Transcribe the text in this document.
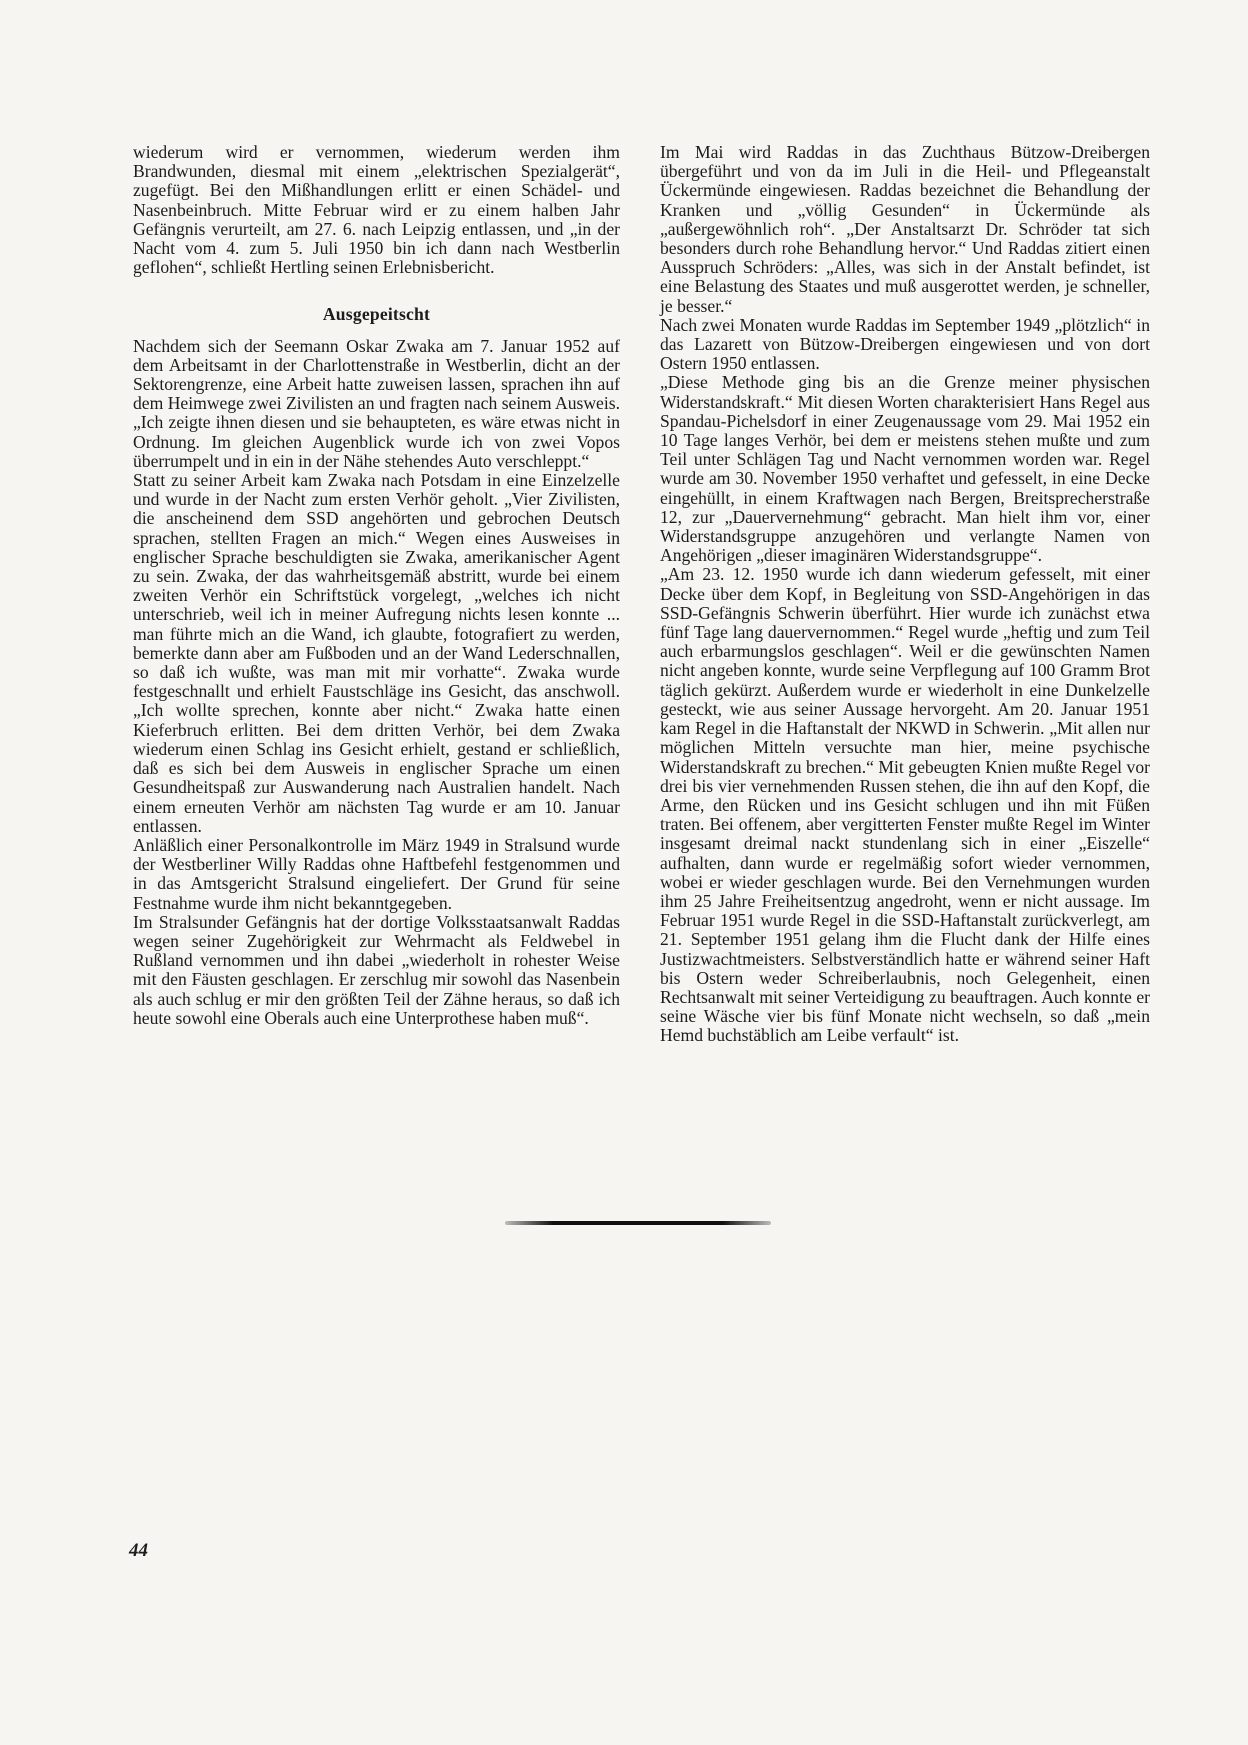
wiederum wird er vernommen, wiederum werden ihm Brandwunden, diesmal mit einem „elektrischen Spezialgerät“, zugefügt. Bei den Mißhandlungen erlitt er einen Schädel- und Nasenbeinbruch. Mitte Februar wird er zu einem halben Jahr Gefängnis verurteilt, am 27. 6. nach Leipzig entlassen, und „in der Nacht vom 4. zum 5. Juli 1950 bin ich dann nach Westberlin geflohen“, schließt Hertling seinen Erlebnisbericht.

Ausgepeitscht

Nachdem sich der Seemann Oskar Zwaka am 7. Januar 1952 auf dem Arbeitsamt in der Charlottenstraße in Westberlin, dicht an der Sektorengrenze, eine Arbeit hatte zuweisen lassen, sprachen ihn auf dem Heimwege zwei Zivilisten an und fragten nach seinem Ausweis. „Ich zeigte ihnen diesen und sie behaupteten, es wäre etwas nicht in Ordnung. Im gleichen Augenblick wurde ich von zwei Vopos überrumpelt und in ein in der Nähe stehendes Auto verschleppt.“

Statt zu seiner Arbeit kam Zwaka nach Potsdam in eine Einzelzelle und wurde in der Nacht zum ersten Verhör geholt. „Vier Zivilisten, die anscheinend dem SSD angehörten und gebrochen Deutsch sprachen, stellten Fragen an mich.“ Wegen eines Ausweises in englischer Sprache beschuldigten sie Zwaka, amerikanischer Agent zu sein. Zwaka, der das wahrheitsgemäß abstritt, wurde bei einem zweiten Verhör ein Schriftstück vorgelegt, „welches ich nicht unterschrieb, weil ich in meiner Aufregung nichts lesen konnte ... man führte mich an die Wand, ich glaubte, fotografiert zu werden, bemerkte dann aber am Fußboden und an der Wand Lederschnallen, so daß ich wußte, was man mit mir vorhatte“. Zwaka wurde festgeschnallt und erhielt Faustschläge ins Gesicht, das anschwoll. „Ich wollte sprechen, konnte aber nicht.“ Zwaka hatte einen Kieferbruch erlitten. Bei dem dritten Verhör, bei dem Zwaka wiederum einen Schlag ins Gesicht erhielt, gestand er schließlich, daß es sich bei dem Ausweis in englischer Sprache um einen Gesundheitspaß zur Auswanderung nach Australien handelt. Nach einem erneuten Verhör am nächsten Tag wurde er am 10. Januar entlassen.

Anläßlich einer Personalkontrolle im März 1949 in Stralsund wurde der Westberliner Willy Raddas ohne Haftbefehl festgenommen und in das Amtsgericht Stralsund eingeliefert. Der Grund für seine Festnahme wurde ihm nicht bekanntgegeben.

Im Stralsunder Gefängnis hat der dortige Volksstaatsanwalt Raddas wegen seiner Zugehörigkeit zur Wehrmacht als Feldwebel in Rußland vernommen und ihn dabei „wiederholt in rohester Weise mit den Fäusten geschlagen. Er zerschlug mir sowohl das Nasenbein als auch schlug er mir den größten Teil der Zähne heraus, so daß ich heute sowohl eine Oberals auch eine Unterprothese haben muß“.

Im Mai wird Raddas in das Zuchthaus Bützow-Dreibergen übergeführt und von da im Juli in die Heil- und Pflegeanstalt Ückermünde eingewiesen. Raddas bezeichnet die Behandlung der Kranken und „völlig Gesunden“ in Ückermünde als „außergewöhnlich roh“. „Der Anstaltsarzt Dr. Schröder tat sich besonders durch rohe Behandlung hervor.“ Und Raddas zitiert einen Ausspruch Schröders: „Alles, was sich in der Anstalt befindet, ist eine Belastung des Staates und muß ausgerottet werden, je schneller, je besser.“

Nach zwei Monaten wurde Raddas im September 1949 „plötzlich“ in das Lazarett von Bützow-Dreibergen eingewiesen und von dort Ostern 1950 entlassen.

„Diese Methode ging bis an die Grenze meiner physischen Widerstandskraft.“ Mit diesen Worten charakterisiert Hans Regel aus Spandau-Pichelsdorf in einer Zeugenaussage vom 29. Mai 1952 ein 10 Tage langes Verhör, bei dem er meistens stehen mußte und zum Teil unter Schlägen Tag und Nacht vernommen worden war. Regel wurde am 30. November 1950 verhaftet und gefesselt, in eine Decke eingehüllt, in einem Kraftwagen nach Bergen, Breitsprecherstraße 12, zur „Dauervernehmung“ gebracht. Man hielt ihm vor, einer Widerstandsgruppe anzugehören und verlangte Namen von Angehörigen „dieser imaginären Widerstandsgruppe“.

„Am 23. 12. 1950 wurde ich dann wiederum gefesselt, mit einer Decke über dem Kopf, in Begleitung von SSD-Angehörigen in das SSD-Gefängnis Schwerin überführt. Hier wurde ich zunächst etwa fünf Tage lang dauervernommen.“ Regel wurde „heftig und zum Teil auch erbarmungslos geschlagen“. Weil er die gewünschten Namen nicht angeben konnte, wurde seine Verpflegung auf 100 Gramm Brot täglich gekürzt. Außerdem wurde er wiederholt in eine Dunkelzelle gesteckt, wie aus seiner Aussage hervorgeht. Am 20. Januar 1951 kam Regel in die Haftanstalt der NKWD in Schwerin. „Mit allen nur möglichen Mitteln versuchte man hier, meine psychische Widerstandskraft zu brechen.“ Mit gebeugten Knien mußte Regel vor drei bis vier vernehmenden Russen stehen, die ihn auf den Kopf, die Arme, den Rücken und ins Gesicht schlugen und ihn mit Füßen traten. Bei offenem, aber vergitterten Fenster mußte Regel im Winter insgesamt dreimal nackt stundenlang sich in einer „Eiszelle“ aufhalten, dann wurde er regelmäßig sofort wieder vernommen, wobei er wieder geschlagen wurde. Bei den Vernehmungen wurden ihm 25 Jahre Freiheitsentzug angedroht, wenn er nicht aussage. Im Februar 1951 wurde Regel in die SSD-Haftanstalt zurückverlegt, am 21. September 1951 gelang ihm die Flucht dank der Hilfe eines Justizwachtmeisters. Selbstverständlich hatte er während seiner Haft bis Ostern weder Schreiberlaubnis, noch Gelegenheit, einen Rechtsanwalt mit seiner Verteidigung zu beauftragen. Auch konnte er seine Wäsche vier bis fünf Monate nicht wechseln, so daß „mein Hemd buchstäblich am Leibe verfault“ ist.

44
